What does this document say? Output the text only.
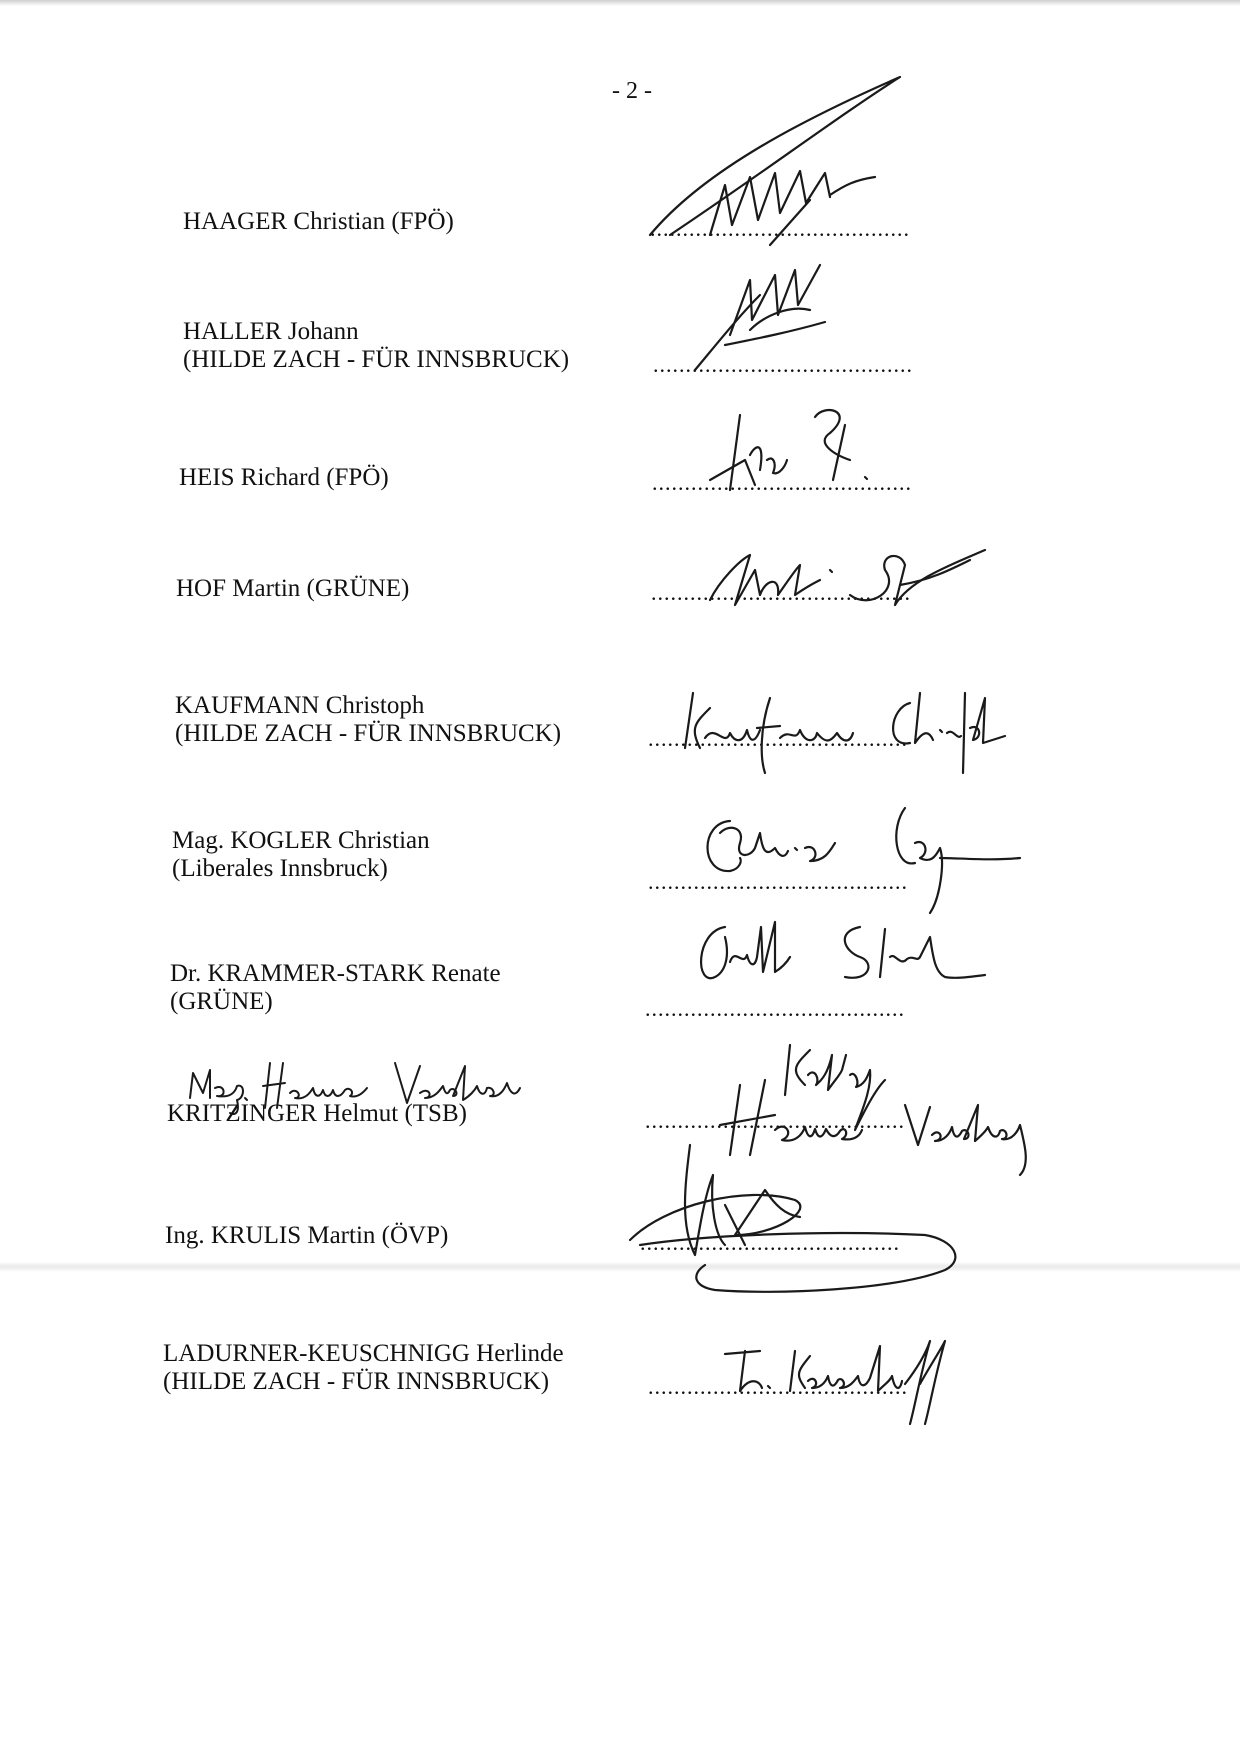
- 2 -
HAAGER Christian (FPÖ)	........................................
HALLER Johann
(HILDE ZACH - FÜR INNSBRUCK)	........................................
HEIS Richard (FPÖ)	........................................
HOF Martin (GRÜNE)	........................................
KAUFMANN Christoph
(HILDE ZACH - FÜR INNSBRUCK)	........................................
Mag. KOGLER Christian
(Liberales Innsbruck)	........................................
Dr. KRAMMER-STARK Renate
(GRÜNE)	........................................
KRITZINGER Helmut (TSB)	........................................
Ing. KRULIS Martin (ÖVP)	........................................
LADURNER-KEUSCHNIGG Herlinde
(HILDE ZACH - FÜR INNSBRUCK)	........................................
